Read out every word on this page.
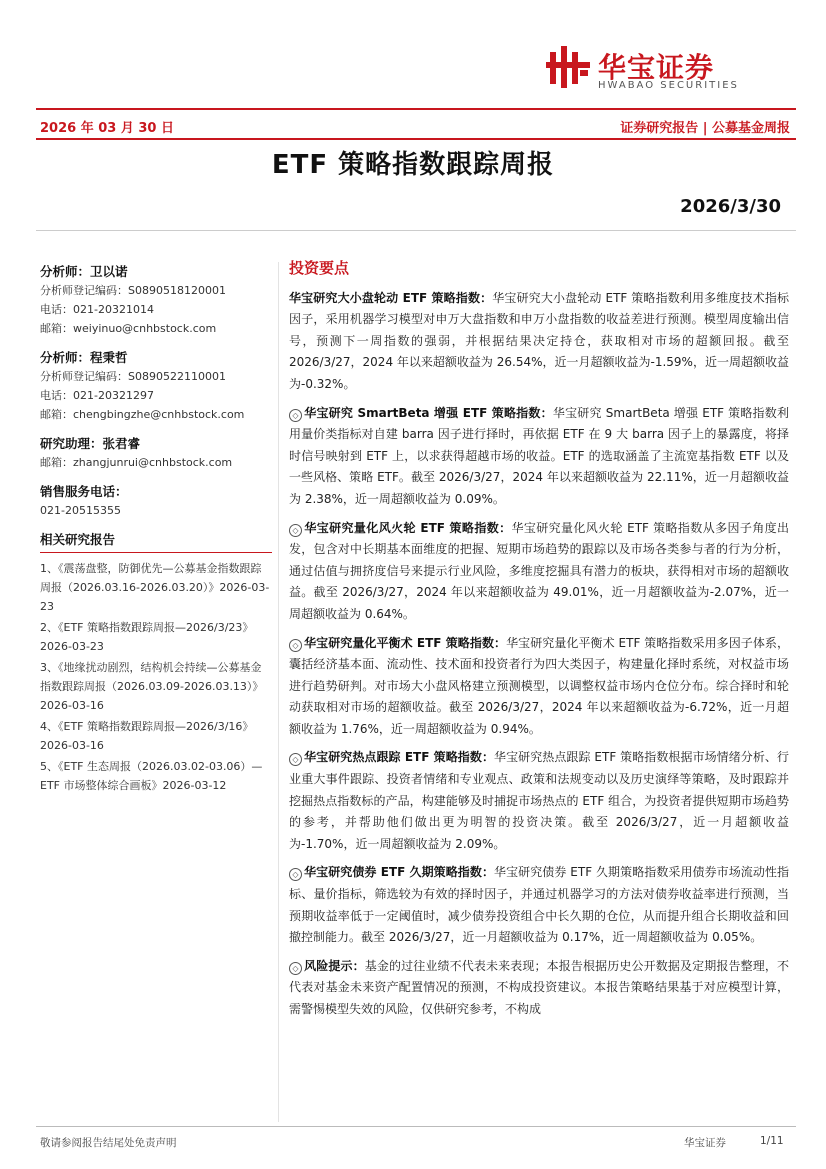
华宝证券
HWABAO SECURITIES
2026 年 03 月 30 日	证券研究报告 | 公募基金周报
ETF 策略指数跟踪周报
2026/3/30
分析师：卫以诺
分析师登记编码：S0890518120001
电话：021-20321014
邮箱：weiyinuo@cnhbstock.com
分析师：程秉哲
分析师登记编码：S0890522110001
电话：021-20321297
邮箱：chengbingzhe@cnhbstock.com
研究助理：张君睿
邮箱：zhangjunrui@cnhbstock.com
销售服务电话：
021-20515355
相关研究报告
1、《震荡盘整，防御优先—公募基金指数跟踪周报（2026.03.16-2026.03.20）》2026-03-23
2、《ETF 策略指数跟踪周报—2026/3/23》2026-03-23
3、《地缘扰动剧烈，结构机会持续—公募基金指数跟踪周报（2026.03.09-2026.03.13）》2026-03-16
4、《ETF 策略指数跟踪周报—2026/3/16》2026-03-16
5、《ETF 生态周报（2026.03.02-03.06）—ETF 市场整体综合画板》2026-03-12
投资要点
华宝研究大小盘轮动 ETF 策略指数：华宝研究大小盘轮动 ETF 策略指数利用多维度技术指标因子，采用机器学习模型对申万大盘指数和申万小盘指数的收益差进行预测。模型周度输出信号，预测下一周指数的强弱，并根据结果决定持仓，获取相对市场的超额回报。截至 2026/3/27，2024 年以来超额收益为 26.54%，近一月超额收益为-1.59%，近一周超额收益为-0.32%。
◇ 华宝研究 SmartBeta 增强 ETF 策略指数：华宝研究 SmartBeta 增强 ETF 策略指数利用量价类指标对自建 barra 因子进行择时，再依据 ETF 在 9 大 barra 因子上的暴露度，将择时信号映射到 ETF 上，以求获得超越市场的收益。ETF 的选取涵盖了主流宽基指数 ETF 以及一些风格、策略 ETF。截至 2026/3/27，2024 年以来超额收益为 22.11%，近一月超额收益为 2.38%，近一周超额收益为 0.09%。
◇ 华宝研究量化风火轮 ETF 策略指数：华宝研究量化风火轮 ETF 策略指数从多因子角度出发，包含对中长期基本面维度的把握、短期市场趋势的跟踪以及市场各类参与者的行为分析，通过估值与拥挤度信号来提示行业风险，多维度挖掘具有潜力的板块，获得相对市场的超额收益。截至 2026/3/27，2024 年以来超额收益为 49.01%，近一月超额收益为-2.07%，近一周超额收益为 0.64%。
◇ 华宝研究量化平衡术 ETF 策略指数：华宝研究量化平衡术 ETF 策略指数采用多因子体系，囊括经济基本面、流动性、技术面和投资者行为四大类因子，构建量化择时系统，对权益市场进行趋势研判。对市场大小盘风格建立预测模型，以调整权益市场内仓位分布。综合择时和轮动获取相对市场的超额收益。截至 2026/3/27，2024 年以来超额收益为-6.72%，近一月超额收益为 1.76%，近一周超额收益为 0.94%。
◇ 华宝研究热点跟踪 ETF 策略指数：华宝研究热点跟踪 ETF 策略指数根据市场情绪分析、行业重大事件跟踪、投资者情绪和专业观点、政策和法规变动以及历史演绎等策略，及时跟踪并挖掘热点指数标的产品，构建能够及时捕捉市场热点的 ETF 组合，为投资者提供短期市场趋势的参考，并帮助他们做出更为明智的投资决策。截至 2026/3/27，近一月超额收益为-1.70%，近一周超额收益为 2.09%。
◇ 华宝研究债券 ETF 久期策略指数：华宝研究债券 ETF 久期策略指数采用债券市场流动性指标、量价指标，筛选较为有效的择时因子，并通过机器学习的方法对债券收益率进行预测，当预期收益率低于一定阈值时，减少债券投资组合中长久期的仓位，从而提升组合长期收益和回撤控制能力。截至 2026/3/27，近一月超额收益为 0.17%，近一周超额收益为 0.05%。
◇ 风险提示：基金的过往业绩不代表未来表现；本报告根据历史公开数据及定期报告整理，不代表对基金未来资产配置情况的预测，不构成投资建议。本报告策略结果基于对应模型计算，需警惕模型失效的风险，仅供研究参考，不构成
敬请参阅报告结尾处免责声明	华宝证券	1/11
